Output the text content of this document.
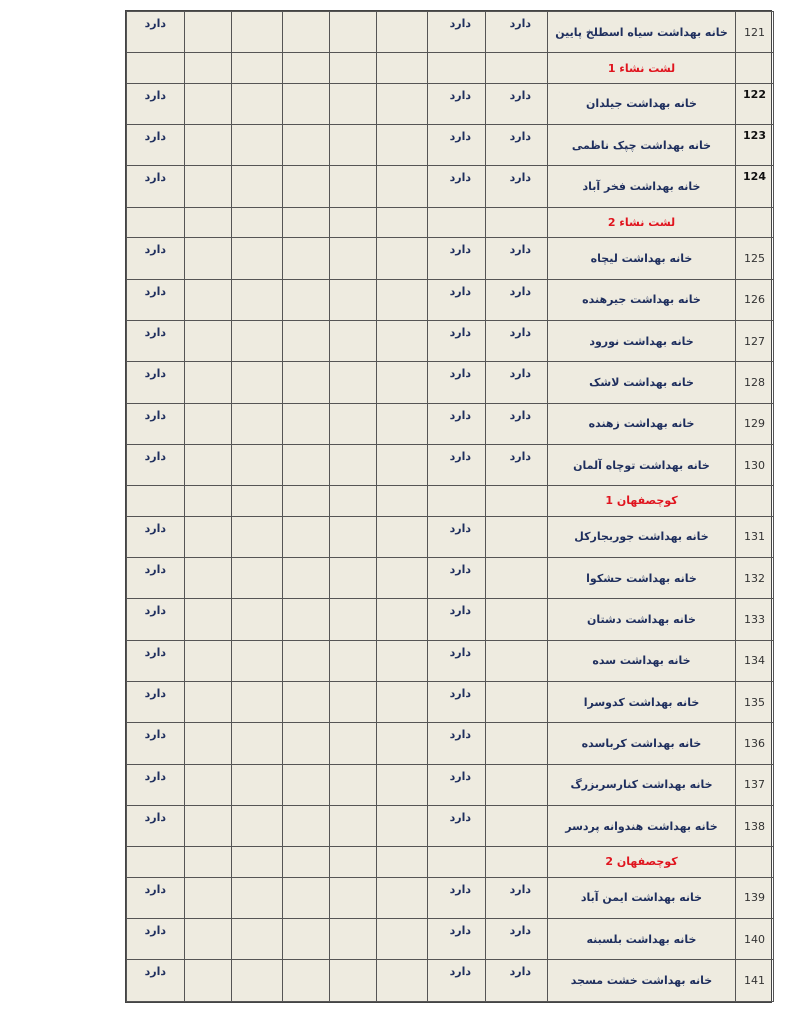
دارد						دارد	دارد	خانه بهداشت سیاه اسطلخ پایین	121
								لشت نشاء 1	
دارد						دارد	دارد	خانه بهداشت جیلدان	122
دارد						دارد	دارد	خانه بهداشت چپک ناظمی	123
دارد						دارد	دارد	خانه بهداشت فخر آباد	124
								لشت نشاء 2	
دارد						دارد	دارد	خانه بهداشت لیچاه	125
دارد						دارد	دارد	خانه بهداشت جیرهنده	126
دارد						دارد	دارد	خانه بهداشت نورود	127
دارد						دارد	دارد	خانه بهداشت لاشک	128
دارد						دارد	دارد	خانه بهداشت زهنده	129
دارد						دارد	دارد	خانه بهداشت توچاه آلمان	130
								کوچصفهان 1	
دارد						دارد		خانه بهداشت جوربجارکل	131
دارد						دارد		خانه بهداشت حشکوا	132
دارد						دارد		خانه بهداشت دشتان	133
دارد						دارد		خانه بهداشت سده	134
دارد						دارد		خانه بهداشت کدوسرا	135
دارد						دارد		خانه بهداشت کرباسده	136
دارد						دارد		خانه بهداشت کنارسربزرگ	137
دارد						دارد		خانه بهداشت هندوانه پردسر	138
								کوچصفهان 2	
دارد						دارد	دارد	خانه بهداشت ایمن آباد	139
دارد						دارد	دارد	خانه بهداشت بلسبنه	140
دارد						دارد	دارد	خانه بهداشت خشت مسجد	141
